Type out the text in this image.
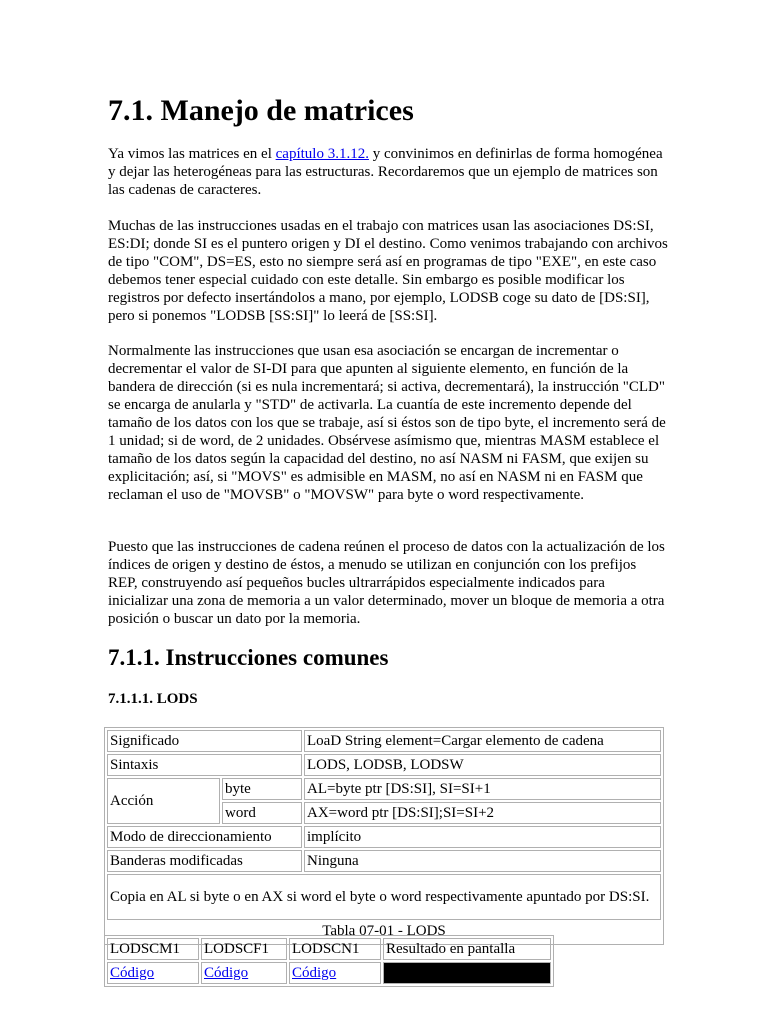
7.1. Manejo de matrices

Ya vimos las matrices en el capítulo 3.1.12. y convinimos en definirlas de forma homogénea y dejar las heterogéneas para las estructuras. Recordaremos que un ejemplo de matrices son las cadenas de caracteres.

Muchas de las instrucciones usadas en el trabajo con matrices usan las asociaciones DS:SI, ES:DI; donde SI es el puntero origen y DI el destino. Como venimos trabajando con archivos de tipo "COM", DS=ES, esto no siempre será así en programas de tipo "EXE", en este caso debemos tener especial cuidado con este detalle. Sin embargo es posible modificar los registros por defecto insertándolos a mano, por ejemplo, LODSB coge su dato de [DS:SI], pero si ponemos "LODSB [SS:SI]" lo leerá de [SS:SI].

Normalmente las instrucciones que usan esa asociación se encargan de incrementar o decrementar el valor de SI-DI para que apunten al siguiente elemento, en función de la bandera de dirección (si es nula incrementará; si activa, decrementará), la instrucción "CLD" se encarga de anularla y "STD" de activarla. La cuantía de este incremento depende del tamaño de los datos con los que se trabaje, así si éstos son de tipo byte, el incremento será de 1 unidad; si de word, de 2 unidades. Obsérvese asímismo que, mientras MASM establece el tamaño de los datos según la capacidad del destino, no así NASM ni FASM, que exijen su explicitación; así, si "MOVS" es admisible en MASM, no así en NASM ni en FASM que reclaman el uso de "MOVSB" o "MOVSW" para byte o word respectivamente.

Puesto que las instrucciones de cadena reúnen el proceso de datos con la actualización de los índices de origen y destino de éstos, a menudo se utilizan en conjunción con los prefijos REP, construyendo así pequeños bucles ultrarrápidos especialmente indicados para inicializar una zona de memoria a un valor determinado, mover un bloque de memoria a otra posición o buscar un dato por la memoria.

7.1.1. Instrucciones comunes
7.1.1.1. LODS
Significado		LoaD String element=Cargar elemento de cadena
Sintaxis		LODS, LODSB, LODSW
Acción	byte	AL=byte ptr [DS:SI], SI=SI+1
	word	AX=word ptr [DS:SI];SI=SI+2
Modo de direccionamiento		implícito
Banderas modificadas		Ninguna
Copia en AL si byte o en AX si word el byte o word respectivamente apuntado por DS:SI.		
Tabla 07-01 - LODS		
LODSCM1	LODSCF1	LODSCN1	Resultado en pantalla
Código	Código	Código	
